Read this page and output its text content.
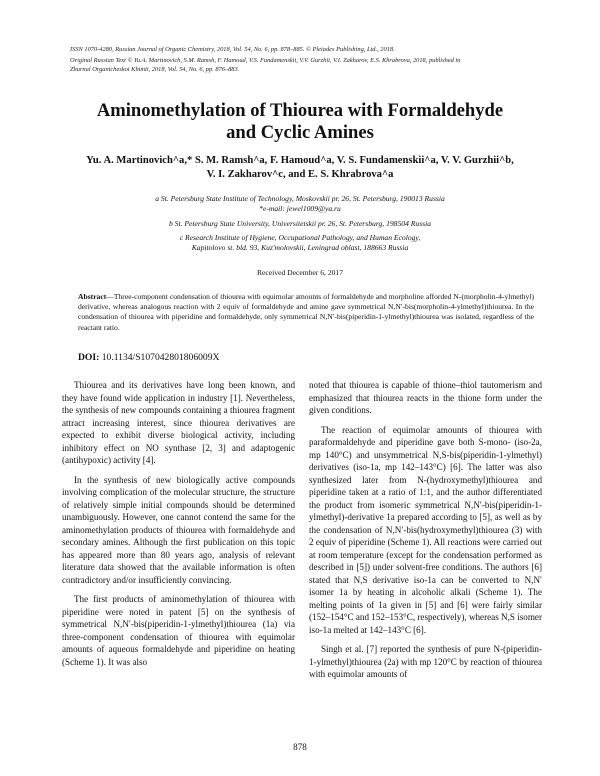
ISSN 1070-4280, Russian Journal of Organic Chemistry, 2018, Vol. 54, No. 6, pp. 878–885. © Pleiades Publishing, Ltd., 2018.
Original Russian Text © Yu.A. Martinovich, S.M. Ramsh, F. Hamoud, V.S. Fundamenskii, V.V. Gurzhii, V.I. Zakharov, E.S. Khrabrova, 2018, published in
Zhurnal Organicheskoi Khimii, 2018, Vol. 54, No. 6, pp. 876–883.
Aminomethylation of Thiourea with Formaldehyde
and Cyclic Amines
Yu. A. Martinovich^a,* S. M. Ramsh^a, F. Hamoud^a, V. S. Fundamenskii^a, V. V. Gurzhii^b,
V. I. Zakharov^c, and E. S. Khrabrova^a
a St. Petersburg State Institute of Technology, Moskovskii pr. 26, St. Petersburg, 190013 Russia
*e-mail: jewel1009@ya.ru
b St. Petersburg State University, Universitetskii pr. 26, St. Petersburg, 198504 Russia
c Research Institute of Hygiene, Occupational Pathology, and Human Ecology,
Kapitolovo st. bld. 93, Kuz'molovskii, Leningrad oblast, 188663 Russia
Received December 6, 2017
Abstract—Three-component condensation of thiourea with equimolar amounts of formaldehyde and morpholine afforded N-(morpholin-4-ylmethyl) derivative, whereas analogous reaction with 2 equiv of formaldehyde and amine gave symmetrical N,N′-bis(morpholin-4-ylmethyl)thiourea. In the condensation of thiourea with piperidine and formaldehyde, only symmetrical N,N′-bis(piperidin-1-ylmethyl)thiourea was isolated, regardless of the reactant ratio.
DOI: 10.1134/S107042801806009X

Thiourea and its derivatives have long been known, and they have found wide application in industry [1]. Nevertheless, the synthesis of new compounds containing a thiourea fragment attract increasing interest, since thiourea derivatives are expected to exhibit diverse biological activity, including inhibitory effect on NO synthase [2, 3] and adaptogenic (antihypoxic) activity [4].

In the synthesis of new biologically active compounds involving complication of the molecular structure, the structure of relatively simple initial compounds should be determined unambiguously. However, one cannot contend the same for the aminomethylation products of thiourea with formaldehyde and secondary amines. Although the first publication on this topic has appeared more than 80 years ago, analysis of relevant literature data showed that the available information is often contradictory and/or insufficiently convincing.

The first products of aminomethylation of thiourea with piperidine were noted in patent [5] on the synthesis of symmetrical N,N′-bis(piperidin-1-ylmethyl)thiourea (1a) via three-component condensation of thiourea with equimolar amounts of aqueous formaldehyde and piperidine on heating (Scheme 1). It was also

noted that thiourea is capable of thione–thiol tautomerism and emphasized that thiourea reacts in the thione form under the given conditions.

The reaction of equimolar amounts of thiourea with paraformaldehyde and piperidine gave both S-mono- (iso-2a, mp 140°C) and unsymmetrical N,S-bis(piperidin-1-ylmethyl) derivatives (iso-1a, mp 142–143°C) [6]. The latter was also synthesized later from N-(hydroxymethyl)thiourea and piperidine taken at a ratio of 1:1, and the author differentiated the product from isomeric symmetrical N,N′-bis(piperidin-1-ylmethyl)-derivative 1a prepared according to [5], as well as by the condensation of N,N′-bis(hydroxymethyl)thiourea (3) with 2 equiv of piperidine (Scheme 1). All reactions were carried out at room temperature (except for the condensation performed as described in [5]) under solvent-free conditions. The authors [6] stated that N,S derivative iso-1a can be converted to N,N′ isomer 1a by heating in alcoholic alkali (Scheme 1). The melting points of 1a given in [5] and [6] were fairly similar (152–154°C and 152–153°C, respectively), whereas N,S isomer iso-1a melted at 142–143°C [6].

Singh et al. [7] reported the synthesis of pure N-(piperidin-1-ylmethyl)thiourea (2a) with mp 120°C by reaction of thiourea with equimolar amounts of

878
